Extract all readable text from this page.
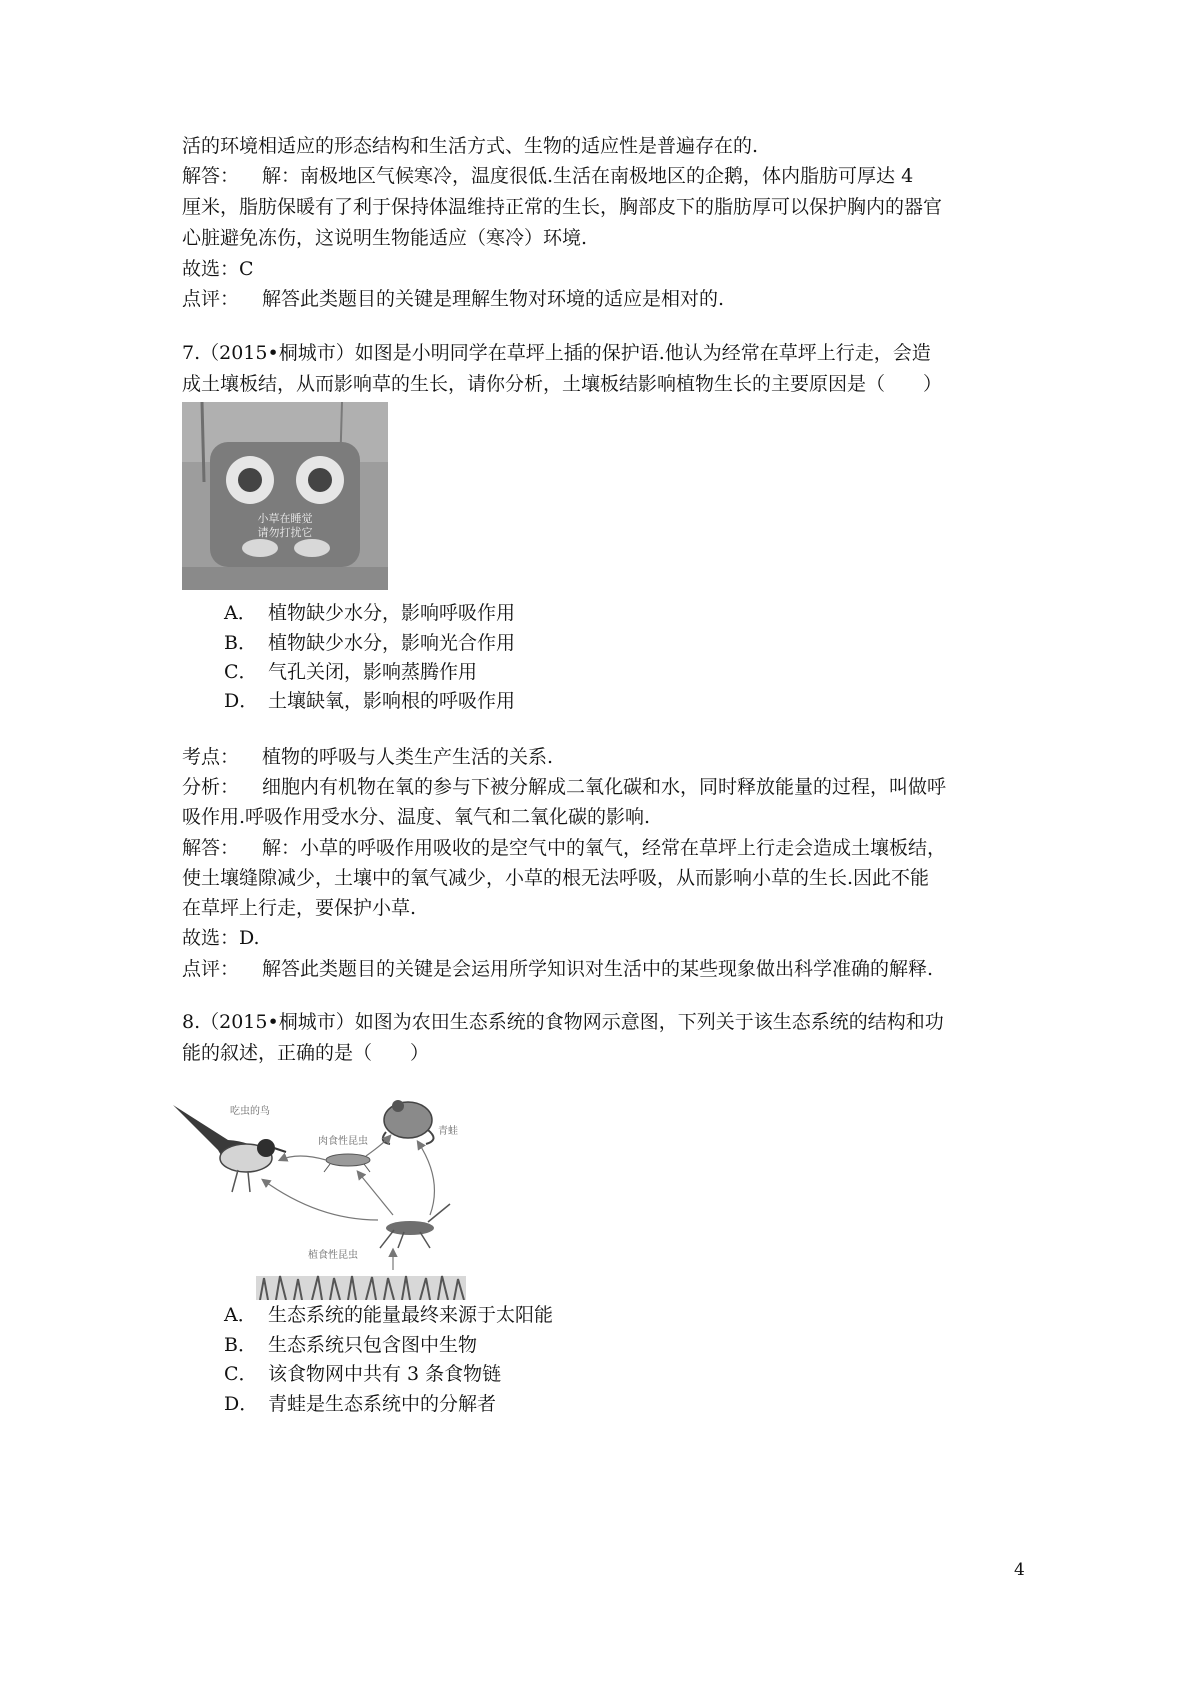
活的环境相适应的形态结构和生活方式、生物的适应性是普遍存在的.
解答： 解：南极地区气候寒冷，温度很低.生活在南极地区的企鹅，体内脂肪可厚达 4
厘米，脂肪保暖有了利于保持体温维持正常的生长，胸部皮下的脂肪厚可以保护胸内的器官
心脏避免冻伤，这说明生物能适应（寒冷）环境.
故选：C
点评： 解答此类题目的关键是理解生物对环境的适应是相对的.
7.（2015•桐城市）如图是小明同学在草坪上插的保护语.他认为经常在草坪上行走，会造
成土壤板结，从而影响草的生长，请你分析，土壤板结影响植物生长的主要原因是（　　）
小草在睡觉
请勿打扰它
A． 植物缺少水分，影响呼吸作用
B． 植物缺少水分，影响光合作用
C． 气孔关闭，影响蒸腾作用
D． 土壤缺氧，影响根的呼吸作用
考点： 植物的呼吸与人类生产生活的关系.
分析： 细胞内有机物在氧的参与下被分解成二氧化碳和水，同时释放能量的过程，叫做呼
吸作用.呼吸作用受水分、温度、氧气和二氧化碳的影响.
解答： 解：小草的呼吸作用吸收的是空气中的氧气，经常在草坪上行走会造成土壤板结，
使土壤缝隙减少，土壤中的氧气减少，小草的根无法呼吸，从而影响小草的生长.因此不能
在草坪上行走，要保护小草.
故选：D.
点评： 解答此类题目的关键是会运用所学知识对生活中的某些现象做出科学准确的解释.
8.（2015•桐城市）如图为农田生态系统的食物网示意图，下列关于该生态系统的结构和功
能的叙述，正确的是（　　）
吃虫的鸟
青蛙
肉食性昆虫
植食性昆虫
A． 生态系统的能量最终来源于太阳能
B． 生态系统只包含图中生物
C． 该食物网中共有 3 条食物链
D． 青蛙是生态系统中的分解者
4
